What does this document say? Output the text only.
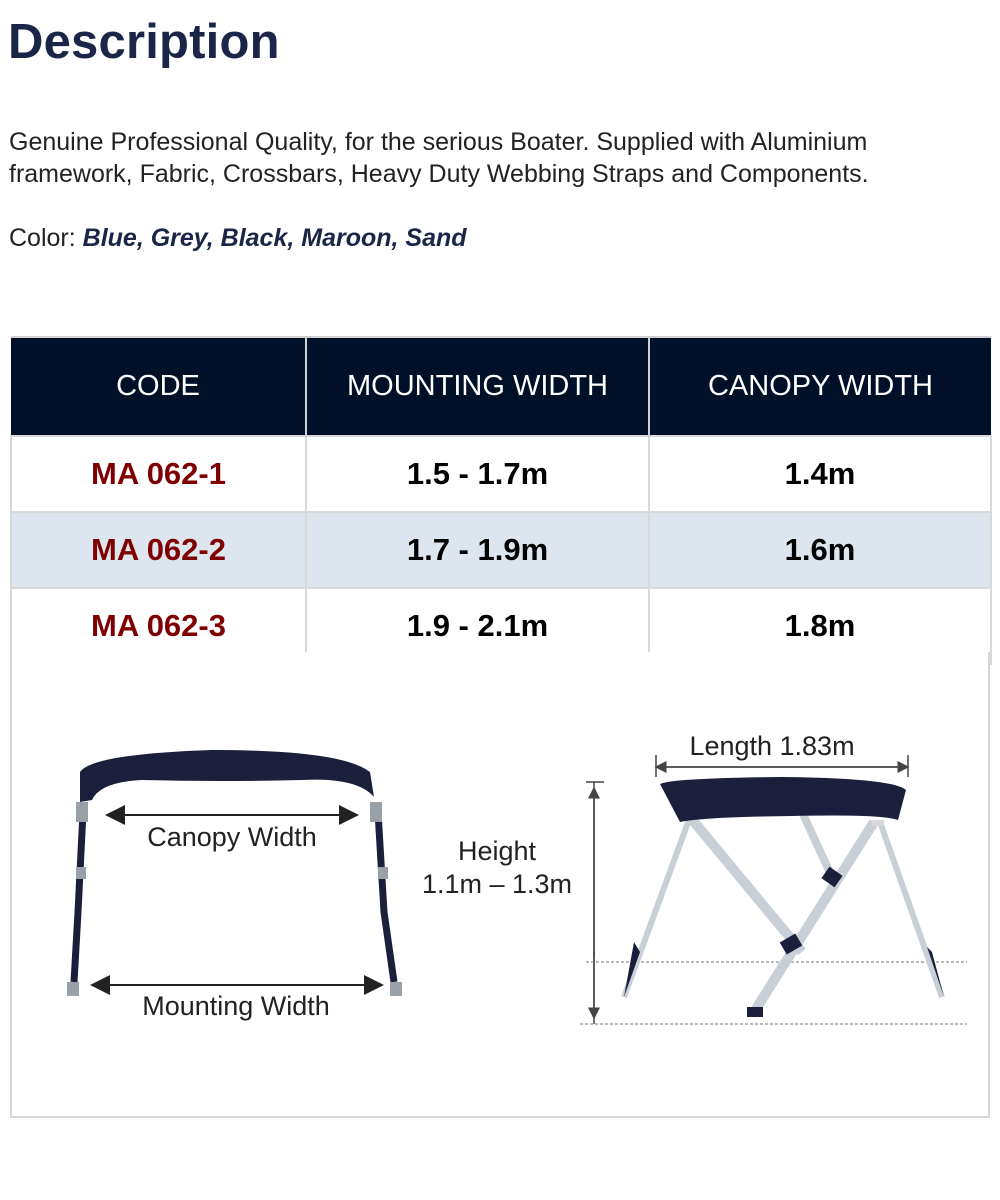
Description

Genuine Professional Quality, for the serious Boater. Supplied with Aluminium framework, Fabric, Crossbars, Heavy Duty Webbing Straps and Components.

Color: Blue, Grey, Black, Maroon, Sand

CODE	MOUNTING WIDTH	CANOPY WIDTH
MA 062-1	1.5 - 1.7m	1.4m
MA 062-2	1.7 - 1.9m	1.6m
MA 062-3	1.9 - 2.1m	1.8m
Canopy Width
Mounting Width
Height
1.1m – 1.3m
Length 1.83m
